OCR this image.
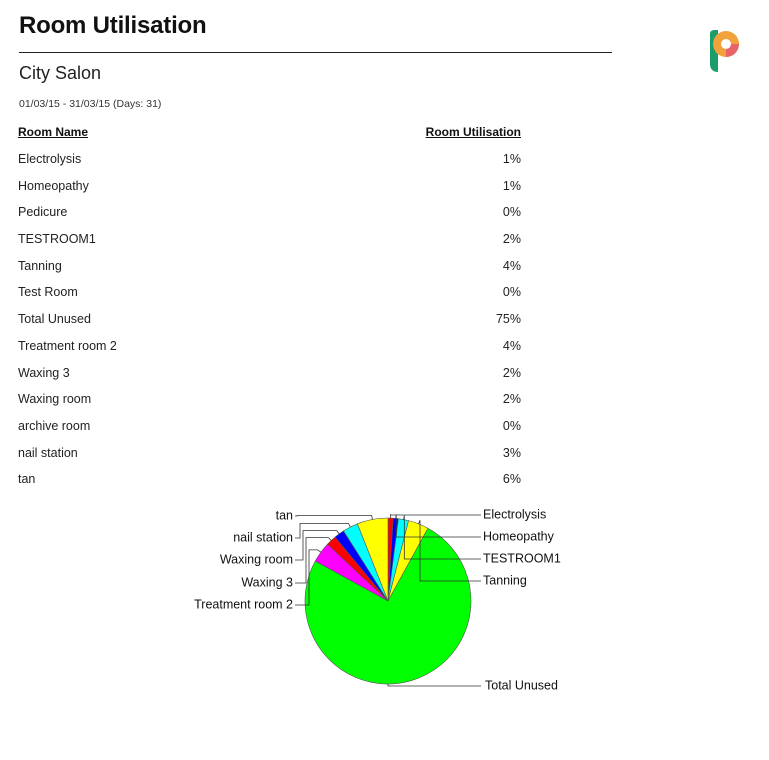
Room Utilisation
City Salon
01/03/15 - 31/03/15 (Days: 31)
Room Name	Room Utilisation
Electrolysis	1%
Homeopathy	1%
Pedicure	0%
TESTROOM1	2%
Tanning	4%
Test Room	0%
Total Unused	75%
Treatment room 2	4%
Waxing 3	2%
Waxing room	2%
archive room	0%
nail station	3%
tan	6%
Electrolysis
Homeopathy
TESTROOM1
Tanning
tan
nail station
Waxing room
Waxing 3
Treatment room 2
Total Unused
